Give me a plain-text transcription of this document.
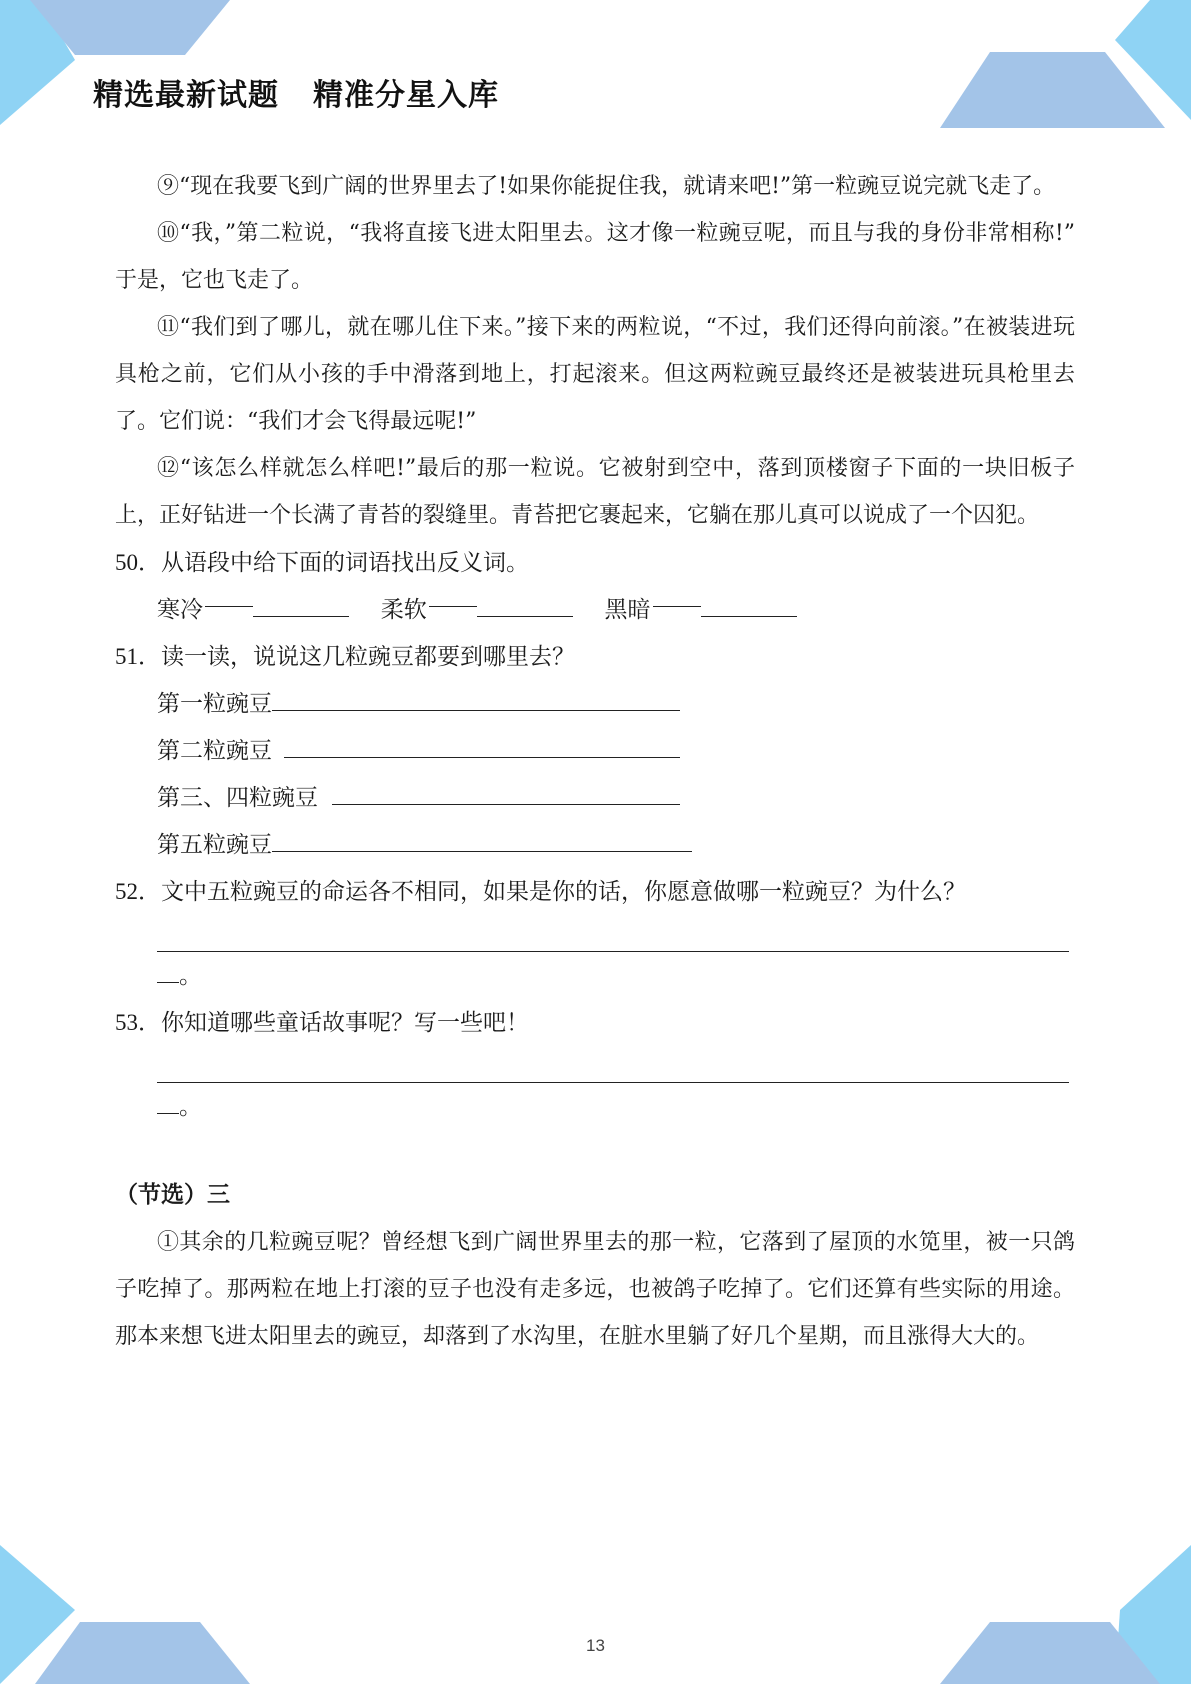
精选最新试题 精准分星入库

⑨“现在我要飞到广阔的世界里去了!如果你能捉住我，就请来吧!”第一粒豌豆说完就飞走了。

⑩“我，”第二粒说，“我将直接飞进太阳里去。这才像一粒豌豆呢，而且与我的身份非常相称!” 于是，它也飞走了。

⑪“我们到了哪儿，就在哪儿住下来。”接下来的两粒说，“不过，我们还得向前滚。”在被装进玩具枪之前，它们从小孩的手中滑落到地上，打起滚来。但这两粒豌豆最终还是被装进玩具枪里去了。它们说：“我们才会飞得最远呢!”

⑫“该怎么样就怎么样吧!”最后的那一粒说。它被射到空中，落到顶楼窗子下面的一块旧板子上，正好钻进一个长满了青苔的裂缝里。青苔把它裹起来，它躺在那儿真可以说成了一个囚犯。

50．从语段中给下面的词语找出反义词。

寒冷	柔软	黑暗

51．读一读，说说这几粒豌豆都要到哪里去？

第一粒豌豆

第二粒豌豆

第三、四粒豌豆

第五粒豌豆

52．文中五粒豌豆的命运各不相同，如果是你的话，你愿意做哪一粒豌豆？为什么？

。

53．你知道哪些童话故事呢？写一些吧！

。

（节选）三

①其余的几粒豌豆呢？曾经想飞到广阔世界里去的那一粒，它落到了屋顶的水笕里，被一只鸽子吃掉了。那两粒在地上打滚的豆子也没有走多远，也被鸽子吃掉了。它们还算有些实际的用途。那本来想飞进太阳里去的豌豆，却落到了水沟里，在脏水里躺了好几个星期，而且涨得大大的。

13
